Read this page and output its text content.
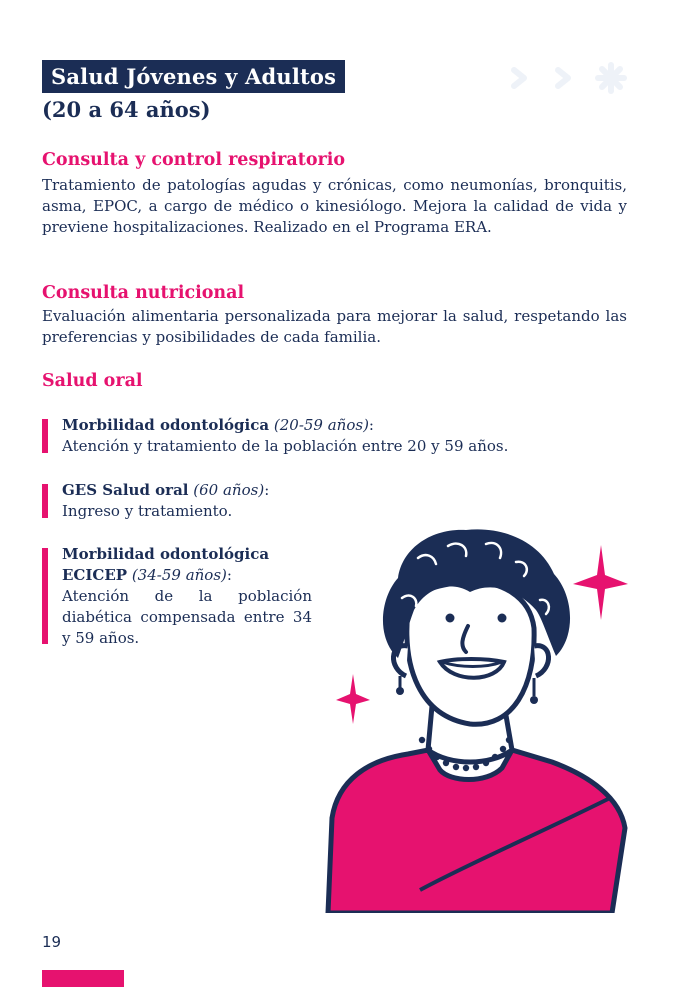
Salud Jóvenes y Adultos
(20 a 64 años)
Consulta y control respiratorio

Tratamiento de patologías agudas y crónicas, como neumonías, bronquitis, asma, EPOC, a cargo de médico o kinesiólogo. Mejora la calidad de vida y previene hospitalizaciones. Realizado en el Programa ERA.

Consulta nutricional

Evaluación alimentaria personalizada para mejorar la salud, respetando las preferencias y posibilidades de cada familia.

Salud oral
Morbilidad odontológica (20-59 años):
Atención y tratamiento de la población entre 20 y 59 años.
GES Salud oral (60 años):
Ingreso y tratamiento.
Morbilidad odontológica
ECICEP (34-59 años):
Atención de la población diabética compensada entre 34 y 59 años.
19
